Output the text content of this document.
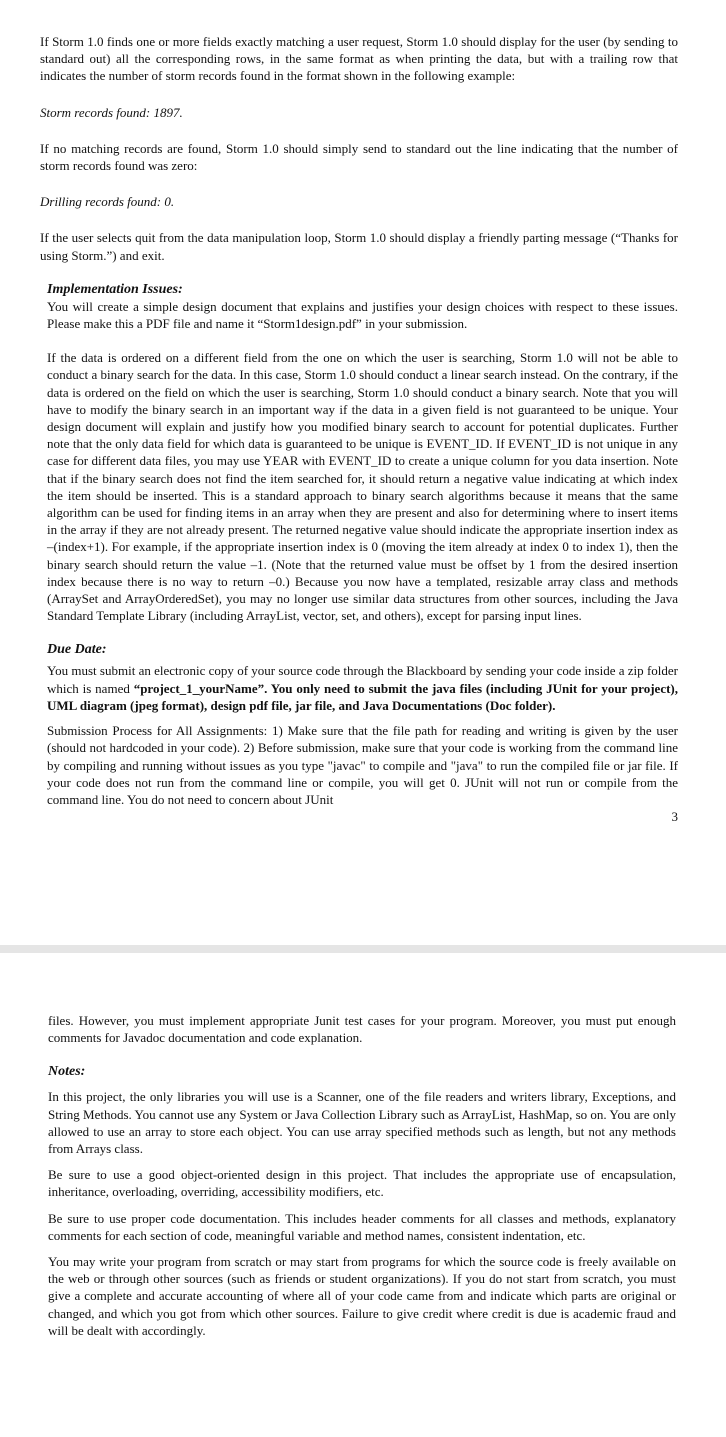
If Storm 1.0 finds one or more fields exactly matching a user request, Storm 1.0 should display for the user (by sending to standard out) all the corresponding rows, in the same format as when printing the data, but with a trailing row that indicates the number of storm records found in the format shown in the following example:

Storm records found: 1897.

If no matching records are found, Storm 1.0 should simply send to standard out the line indicating that the number of storm records found was zero:

Drilling records found: 0.

If the user selects quit from the data manipulation loop, Storm 1.0 should display a friendly parting message (“Thanks for using Storm.”) and exit.

Implementation Issues:

You will create a simple design document that explains and justifies your design choices with respect to these issues. Please make this a PDF file and name it “Storm1design.pdf” in your submission.

If the data is ordered on a different field from the one on which the user is searching, Storm 1.0 will not be able to conduct a binary search for the data. In this case, Storm 1.0 should conduct a linear search instead. On the contrary, if the data is ordered on the field on which the user is searching, Storm 1.0 should conduct a binary search. Note that you will have to modify the binary search in an important way if the data in a given field is not guaranteed to be unique. Your design document will explain and justify how you modified binary search to account for potential duplicates. Further note that the only data field for which data is guaranteed to be unique is EVENT_ID. If EVENT_ID is not unique in any case for different data files, you may use YEAR with EVENT_ID to create a unique column for you data insertion. Note that if the binary search does not find the item searched for, it should return a negative value indicating at which index the item should be inserted. This is a standard approach to binary search algorithms because it means that the same algorithm can be used for finding items in an array when they are present and also for determining where to insert items in the array if they are not already present. The returned negative value should indicate the appropriate insertion index as –(index+1). For example, if the appropriate insertion index is 0 (moving the item already at index 0 to index 1), then the binary search should return the value –1. (Note that the returned value must be offset by 1 from the desired insertion index because there is no way to return –0.) Because you now have a templated, resizable array class and methods (ArraySet and ArrayOrderedSet), you may no longer use similar data structures from other sources, including the Java Standard Template Library (including ArrayList, vector, set, and others), except for parsing input lines.

Due Date:

You must submit an electronic copy of your source code through the Blackboard by sending your code inside a zip folder which is named “project_1_yourName”. You only need to submit the java files (including JUnit for your project), UML diagram (jpeg format), design pdf file, jar file, and Java Documentations (Doc folder).

Submission Process for All Assignments: 1) Make sure that the file path for reading and writing is given by the user (should not hardcoded in your code). 2) Before submission, make sure that your code is working from the command line by compiling and running without issues as you type "javac" to compile and "java" to run the compiled file or jar file. If your code does not run from the command line or compile, you will get 0. JUnit will not run or compile from the command line. You do not need to concern about JUnit

3

files. However, you must implement appropriate Junit test cases for your program. Moreover, you must put enough comments for Javadoc documentation and code explanation.

Notes:

In this project, the only libraries you will use is a Scanner, one of the file readers and writers library, Exceptions, and String Methods. You cannot use any System or Java Collection Library such as ArrayList, HashMap, so on. You are only allowed to use an array to store each object. You can use array specified methods such as length, but not any methods from Arrays class.

Be sure to use a good object-oriented design in this project. That includes the appropriate use of encapsulation, inheritance, overloading, overriding, accessibility modifiers, etc.

Be sure to use proper code documentation. This includes header comments for all classes and methods, explanatory comments for each section of code, meaningful variable and method names, consistent indentation, etc.

You may write your program from scratch or may start from programs for which the source code is freely available on the web or through other sources (such as friends or student organizations). If you do not start from scratch, you must give a complete and accurate accounting of where all of your code came from and indicate which parts are original or changed, and which you got from which other sources. Failure to give credit where credit is due is academic fraud and will be dealt with accordingly.
